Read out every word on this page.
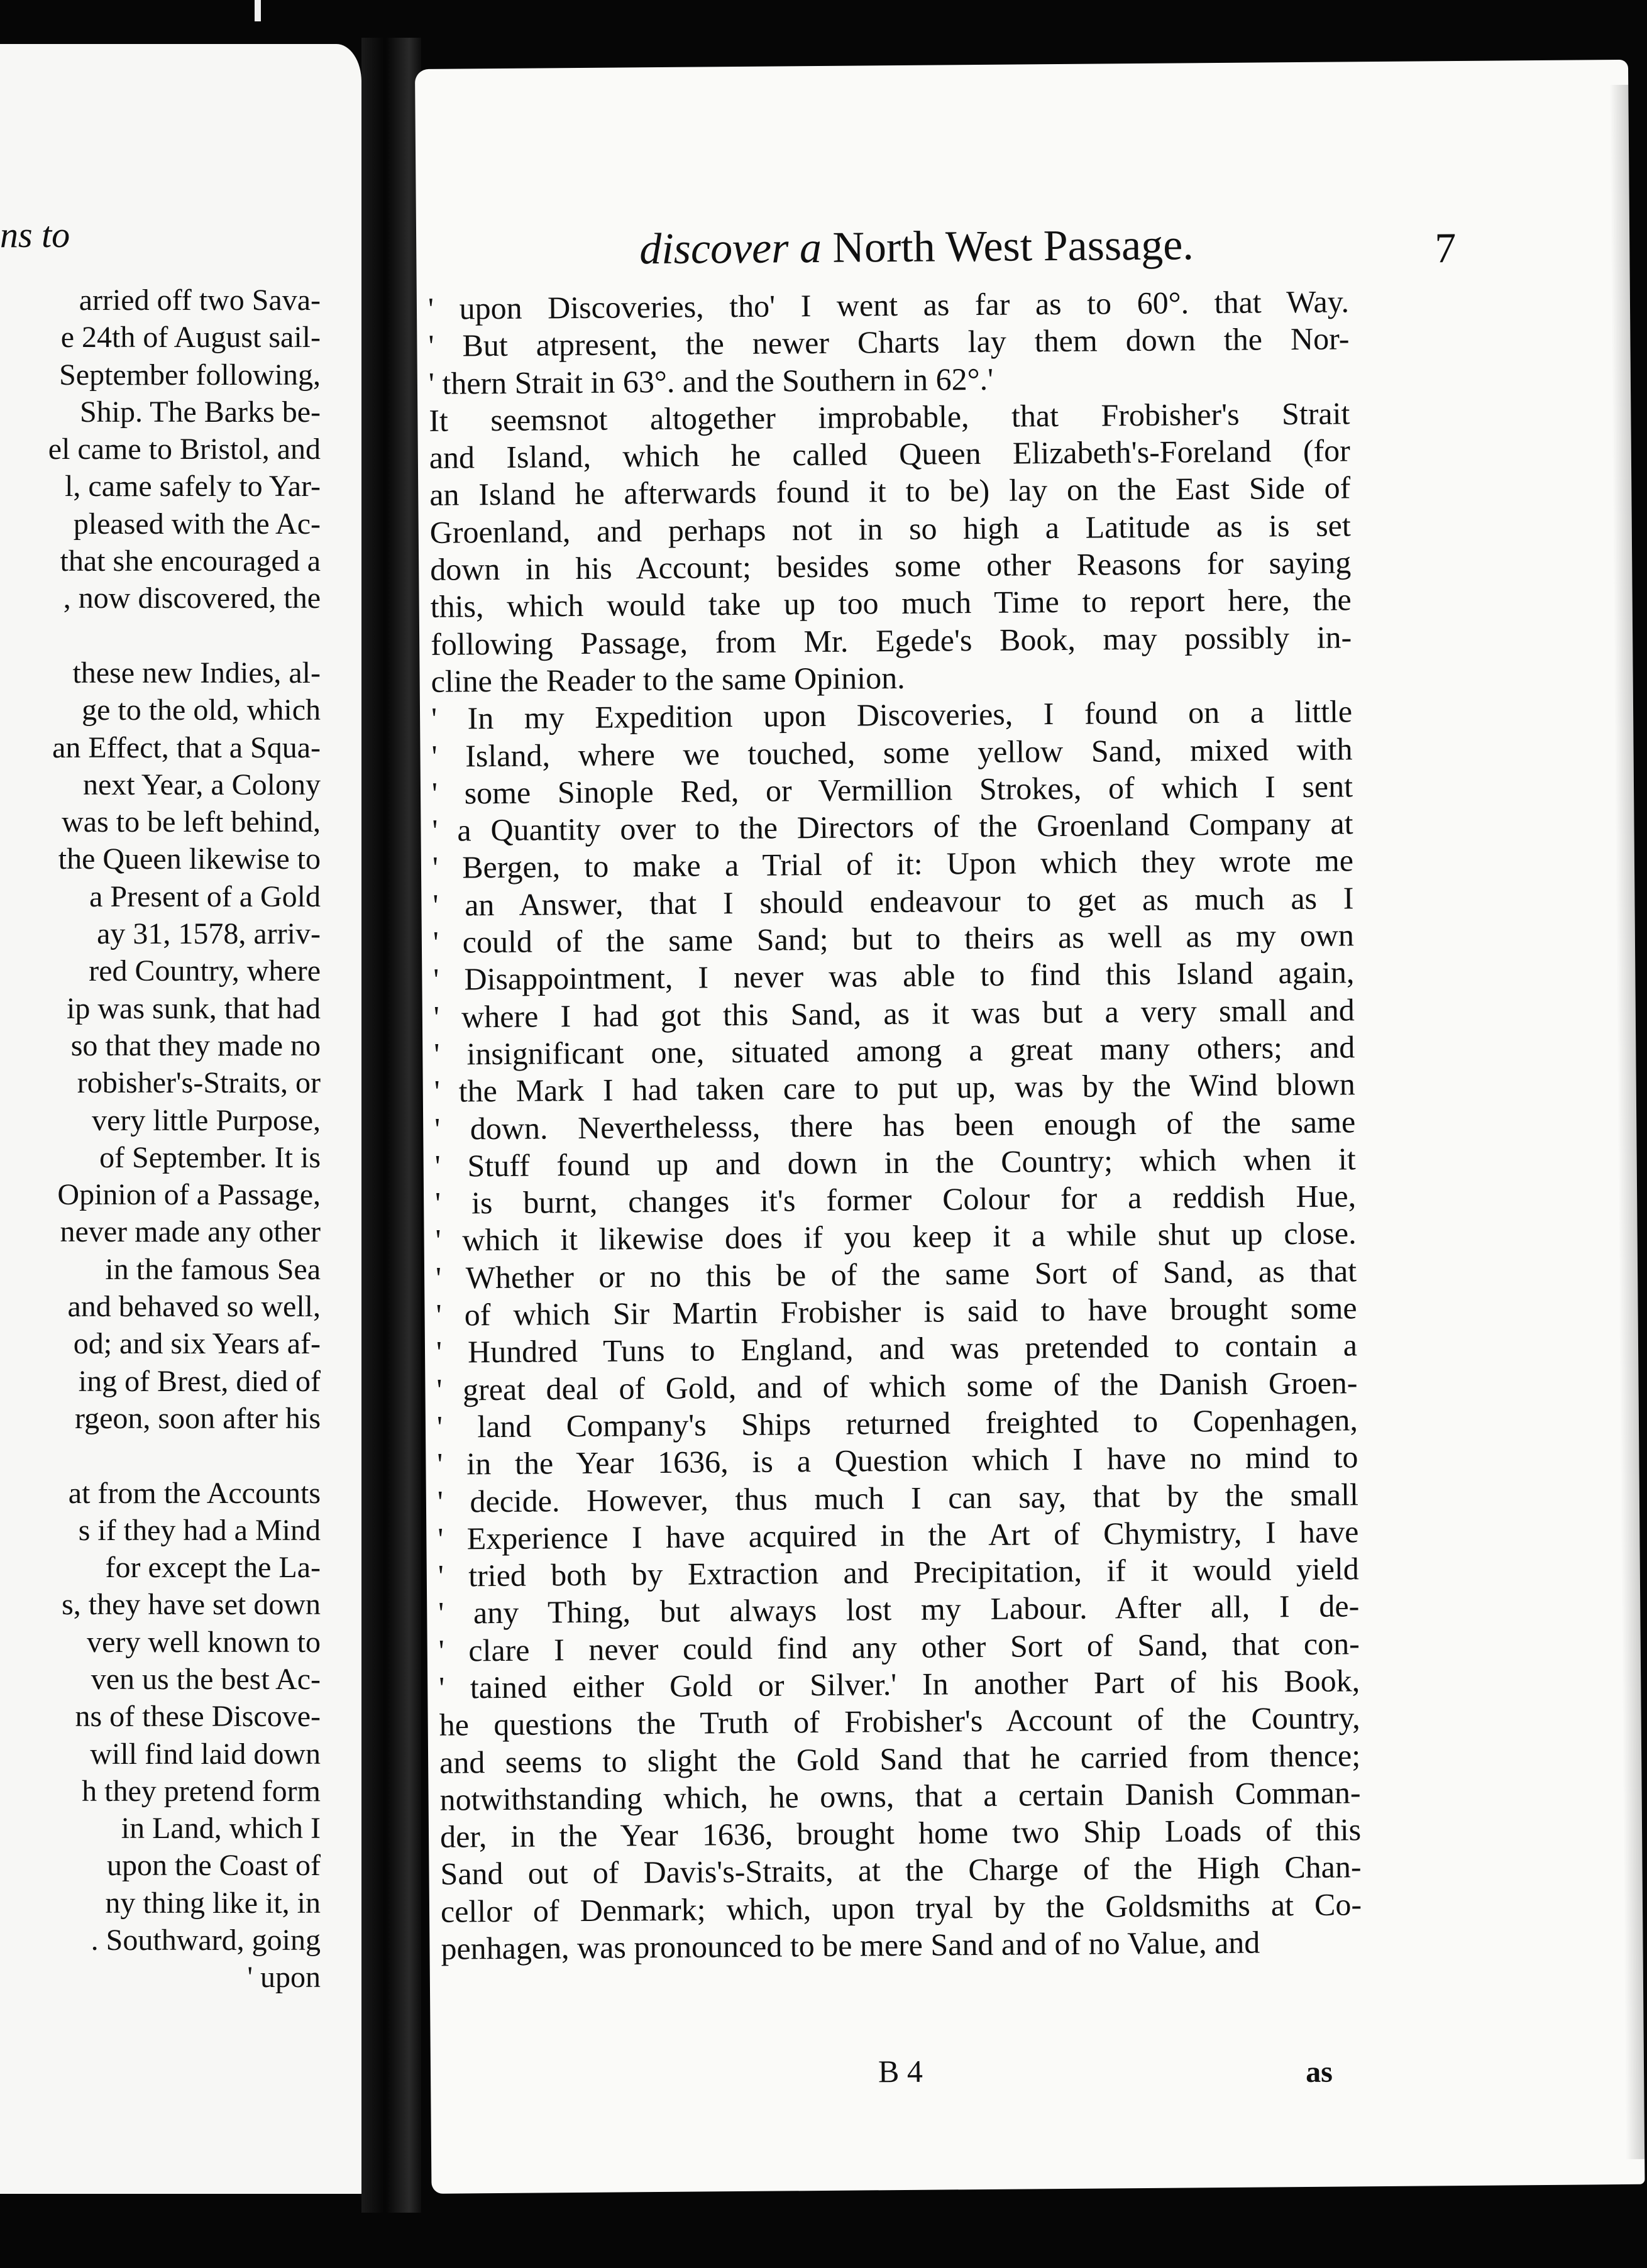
ns to
arried off two Sava-
e 24th of August sail-
September following,
Ship. The Barks be-
el came to Bristol, and
l, came safely to Yar-
pleased with the Ac-
that she encouraged a
, now discovered, the
these new Indies, al-
ge to the old, which
an Effect, that a Squa-
next Year, a Colony
was to be left behind,
the Queen likewise to
a Present of a Gold
ay 31, 1578, arriv-
red Country, where
ip was sunk, that had
so that they made no
robisher's-Straits, or
very little Purpose,
of September. It is
Opinion of a Passage,
never made any other
in the famous Sea
and behaved so well,
od; and six Years af-
ing of Brest, died of
rgeon, soon after his
at from the Accounts
s if they had a Mind
for except the La-
s, they have set down
very well known to
ven us the best Ac-
ns of these Discove-
will find laid down
h they pretend form
in Land, which I
upon the Coast of
ny thing like it, in
. Southward, going
' upon
discover a North West Passage.	7
' upon Discoveries, tho' I went as far as to 60°. that Way.
' But atpresent, the newer Charts lay them down the Nor-
' thern Strait in 63°. and the Southern in 62°.'
It seemsnot altogether improbable, that Frobisher's Strait
and Island, which he called Queen Elizabeth's-Foreland (for
an Island he afterwards found it to be) lay on the East Side of
Groenland, and perhaps not in so high a Latitude as is set
down in his Account; besides some other Reasons for saying
this, which would take up too much Time to report here, the
following Passage, from Mr. Egede's Book, may possibly in-
cline the Reader to the same Opinion.
' In my Expedition upon Discoveries, I found on a little
' Island, where we touched, some yellow Sand, mixed with
' some Sinople Red, or Vermillion Strokes, of which I sent
' a Quantity over to the Directors of the Groenland Company at
' Bergen, to make a Trial of it: Upon which they wrote me
' an Answer, that I should endeavour to get as much as I
' could of the same Sand; but to theirs as well as my own
' Disappointment, I never was able to find this Island again,
' where I had got this Sand, as it was but a very small and
' insignificant one, situated among a great many others; and
' the Mark I had taken care to put up, was by the Wind blown
' down. Neverthelesss, there has been enough of the same
' Stuff found up and down in the Country; which when it
' is burnt, changes it's former Colour for a reddish Hue,
' which it likewise does if you keep it a while shut up close.
' Whether or no this be of the same Sort of Sand, as that
' of which Sir Martin Frobisher is said to have brought some
' Hundred Tuns to England, and was pretended to contain a
' great deal of Gold, and of which some of the Danish Groen-
' land Company's Ships returned freighted to Copenhagen,
' in the Year 1636, is a Question which I have no mind to
' decide. However, thus much I can say, that by the small
' Experience I have acquired in the Art of Chymistry, I have
' tried both by Extraction and Precipitation, if it would yield
' any Thing, but always lost my Labour. After all, I de-
' clare I never could find any other Sort of Sand, that con-
' tained either Gold or Silver.' In another Part of his Book,
he questions the Truth of Frobisher's Account of the Country,
and seems to slight the Gold Sand that he carried from thence;
notwithstanding which, he owns, that a certain Danish Comman-
der, in the Year 1636, brought home two Ship Loads of this
Sand out of Davis's-Straits, at the Charge of the High Chan-
cellor of Denmark; which, upon tryal by the Goldsmiths at Co-
penhagen, was pronounced to be mere Sand and of no Value, and
B 4	as
